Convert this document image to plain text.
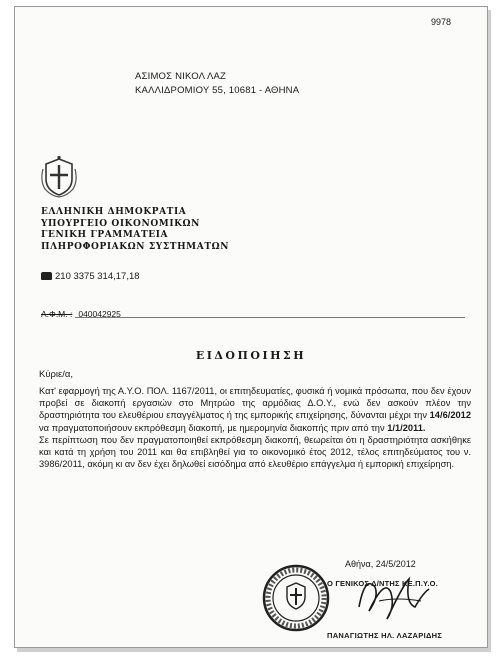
9978
ΑΣΙΜΟΣ ΝΙΚΟΛ ΛΑΖ
ΚΑΛΛΙΔΡΟΜΙΟΥ 55, 10681 - ΑΘΗΝΑ
ΕΛΛΗΝΙΚΗ ΔΗΜΟΚΡΑΤΙΑ
ΥΠΟΥΡΓΕΙΟ ΟΙΚΟΝΟΜΙΚΩΝ
ΓΕΝΙΚΗ ΓΡΑΜΜΑΤΕΙΑ
ΠΛΗΡΟΦΟΡΙΑΚΩΝ ΣΥΣΤΗΜΑΤΩΝ
210 3375 314,17,18
Α.Φ.Μ. : 040042925
ΕΙΔΟΠΟΙΗΣΗ
Κύριε/α,

Κατ' εφαρμογή της Α.Υ.Ο. ΠΟΛ. 1167/2011, οι επιτηδευματίες, φυσικά ή νομικά πρόσωπα, που δεν έχουν προβεί σε διακοπή εργασιών στο Μητρώο της αρμόδιας Δ.Ο.Υ., ενώ δεν ασκούν πλέον την δραστηριότητα του ελευθέριου επαγγέλματος ή της εμπορικής επιχείρησης, δύνανται μέχρι την 14/6/2012 να πραγματοποιήσουν εκπρόθεσμη διακοπή, με ημερομηνία διακοπής πριν από την 1/1/2011.

Σε περίπτωση που δεν πραγματοποιηθεί εκπρόθεσμη διακοπή, θεωρείται ότι η δραστηριότητα ασκήθηκε και κατά τη χρήση του 2011 και θα επιβληθεί για το οικονομικό έτος 2012, τέλος επιτηδεύματος του ν. 3986/2011, ακόμη κι αν δεν έχει δηλωθεί εισόδημα από ελευθέριο επάγγελμα ή εμπορική επιχείρηση.

Αθήνα, 24/5/2012
Ο ΓΕΝΙΚΟΣ Δ/ΝΤΗΣ ΚΕ.Π.Υ.Ο.
ΠΑΝΑΓΙΩΤΗΣ ΗΛ. ΛΑΖΑΡΙΔΗΣ
